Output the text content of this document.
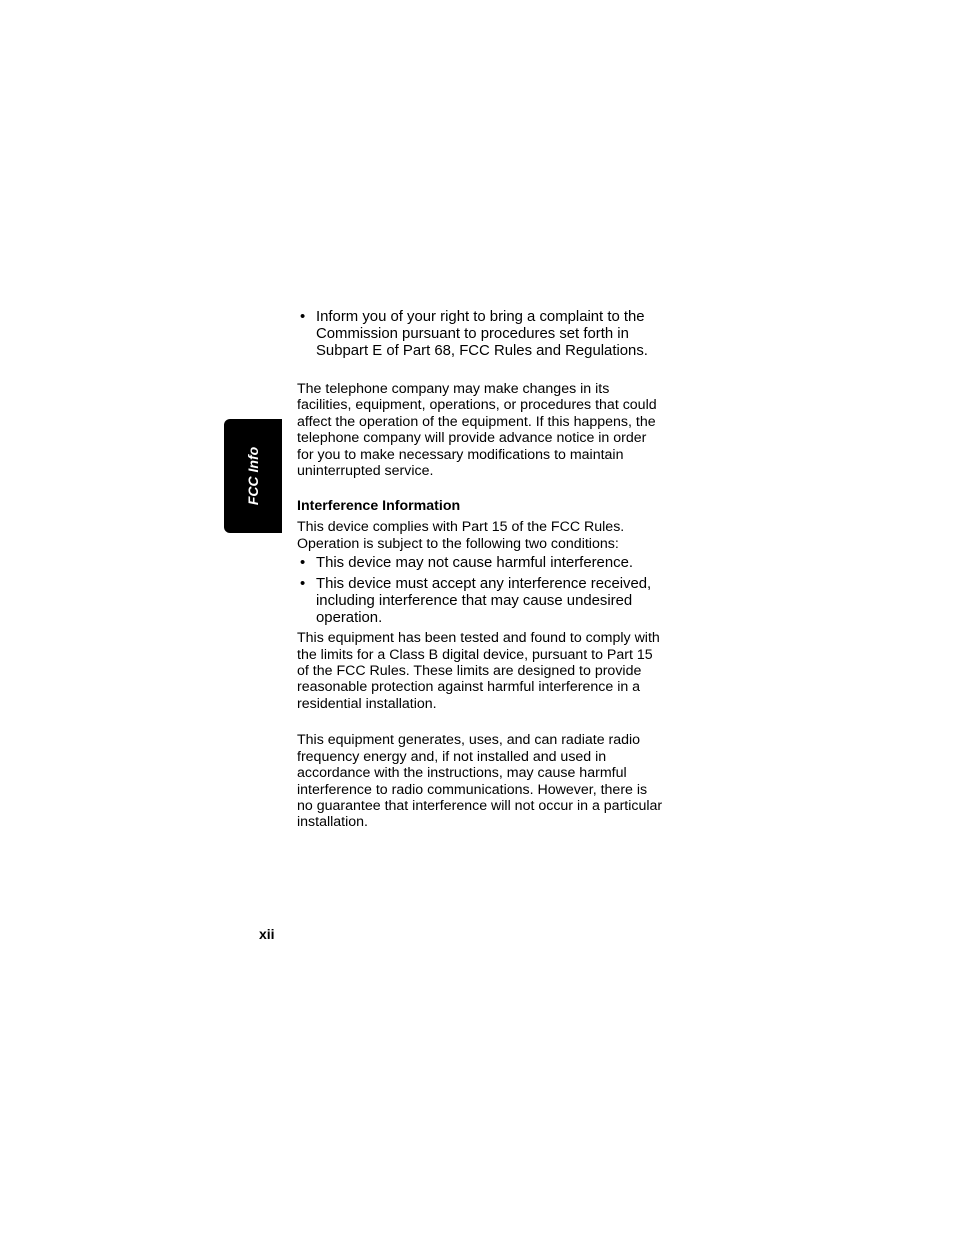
FCC Info
• Inform you of your right to bring a complaint to the Commission pursuant to procedures set forth in Subpart E of Part 68, FCC Rules and Regulations.

The telephone company may make changes in its facilities, equipment, operations, or procedures that could affect the operation of the equipment. If this happens, the telephone company will provide advance notice in order for you to make necessary modifications to maintain uninterrupted service.

Interference Information

This device complies with Part 15 of the FCC Rules. Operation is subject to the following two conditions:

• This device may not cause harmful interference.
• This device must accept any interference received, including interference that may cause undesired operation.

This equipment has been tested and found to comply with the limits for a Class B digital device, pursuant to Part 15 of the FCC Rules. These limits are designed to provide reasonable protection against harmful interference in a residential installation.

This equipment generates, uses, and can radiate radio frequency energy and, if not installed and used in accordance with the instructions, may cause harmful interference to radio communications. However, there is no guarantee that interference will not occur in a particular installation.

xii
